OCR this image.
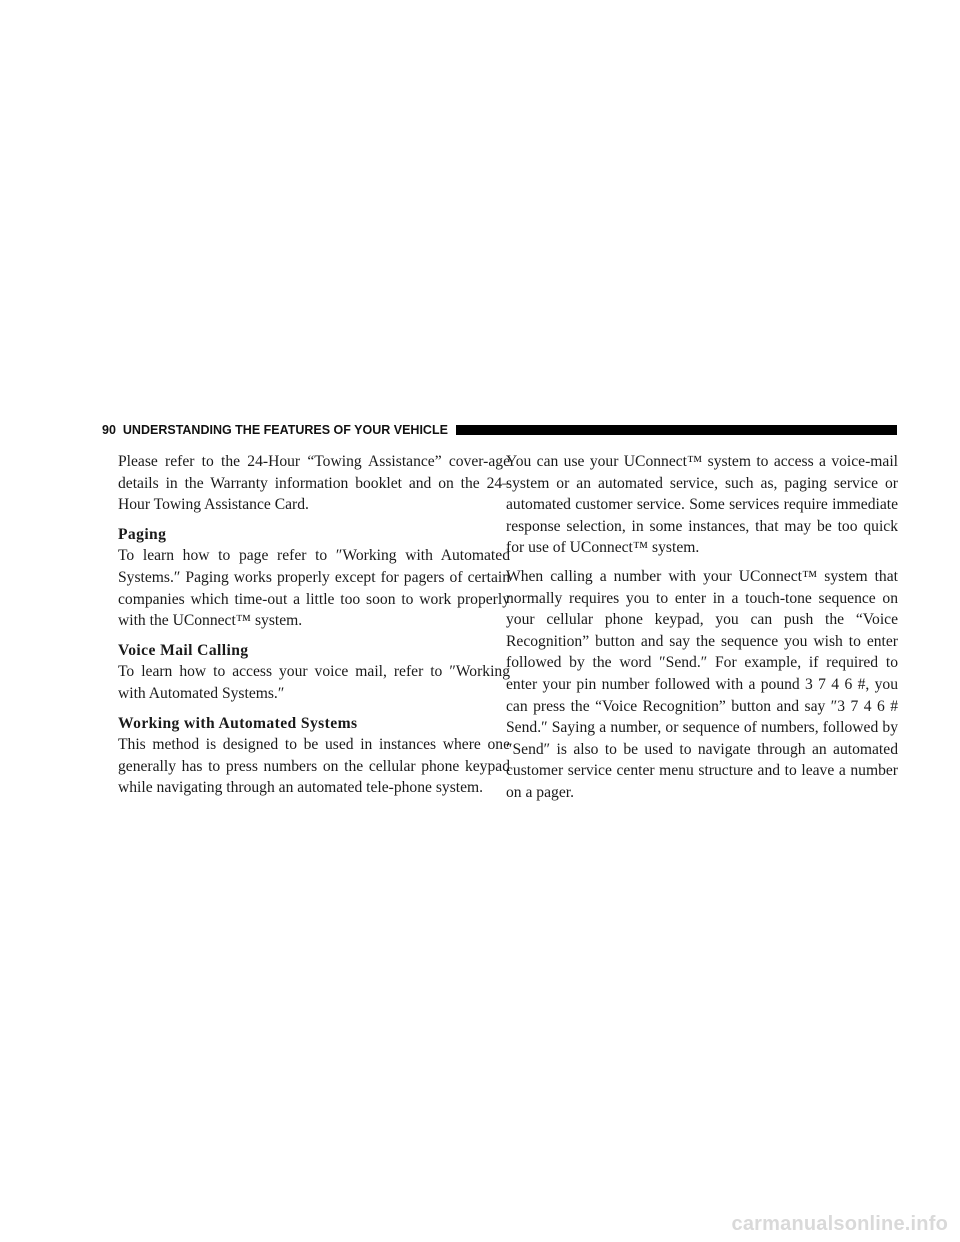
90 UNDERSTANDING THE FEATURES OF YOUR VEHICLE

Please refer to the 24-Hour “Towing Assistance” cover-age details in the Warranty information booklet and on the 24–Hour Towing Assistance Card.

Paging

To learn how to page refer to ″Working with Automated Systems.″ Paging works properly except for pagers of certain companies which time-out a little too soon to work properly with the UConnect™ system.

Voice Mail Calling

To learn how to access your voice mail, refer to ″Working with Automated Systems.″

Working with Automated Systems

This method is designed to be used in instances where one generally has to press numbers on the cellular phone keypad while navigating through an automated tele-phone system.

You can use your UConnect™ system to access a voice-mail system or an automated service, such as, paging service or automated customer service. Some services require immediate response selection, in some instances, that may be too quick for use of UConnect™ system.

When calling a number with your UConnect™ system that normally requires you to enter in a touch-tone sequence on your cellular phone keypad, you can push the “Voice Recognition” button and say the sequence you wish to enter followed by the word ″Send.″ For example, if required to enter your pin number followed with a pound 3 7 4 6 #, you can press the “Voice Recognition” button and say ″3 7 4 6 # Send.″ Saying a number, or sequence of numbers, followed by ″Send″ is also to be used to navigate through an automated customer service center menu structure and to leave a number on a pager.

carmanualsonline.info
